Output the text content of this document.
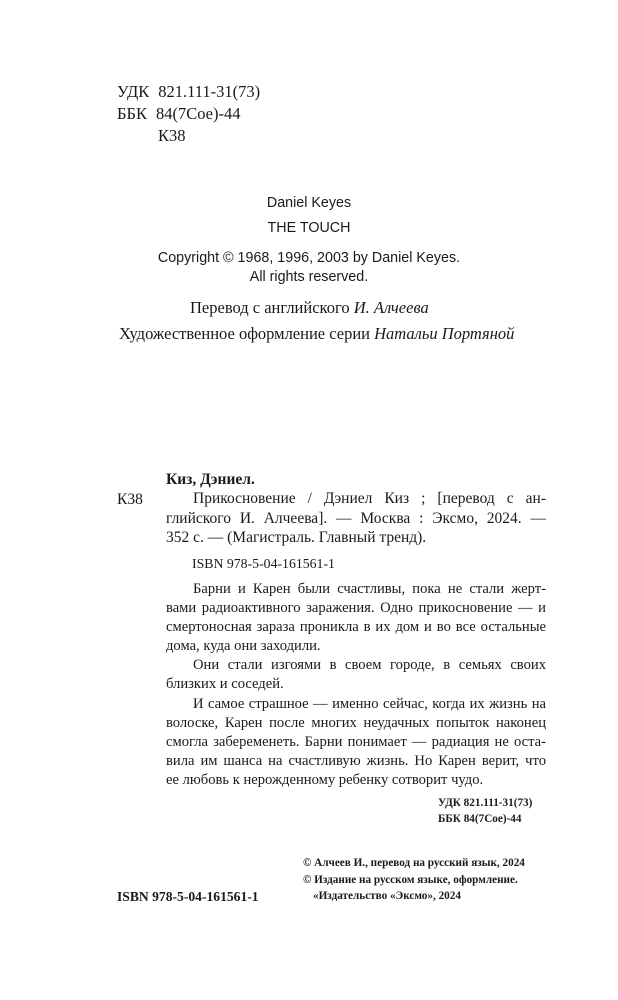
УДК 821.111-31(73)
ББК 84(7Сое)-44
К38
Daniel Keyes
THE TOUCH
Copyright © 1968, 1996, 2003 by Daniel Keyes.
All rights reserved.
Перевод с английского И. Алчеева
Художественное оформление серии Натальи Портяной
К38
Киз, Дэниел.
Прикосновение / Дэниел Киз ; [перевод с ан-
глийского И. Алчеева]. — Москва : Эксмо, 2024. —
352 с. — (Магистраль. Главный тренд).
ISBN 978-5-04-161561-1
Барни и Карен были счастливы, пока не стали жерт-
вами радиоактивного заражения. Одно прикосновение — и
смертоносная зараза проникла в их дом и во все остальные
дома, куда они заходили.
Они стали изгоями в своем городе, в семьях своих
близких и соседей.
И самое страшное — именно сейчас, когда их жизнь на
волоске, Карен после многих неудачных попыток наконец
смогла забеременеть. Барни понимает — радиация не оста-
вила им шанса на счастливую жизнь. Но Карен верит, что
ее любовь к нерожденному ребенку сотворит чудо.
УДК 821.111-31(73)
ББК 84(7Сое)-44
© Алчеев И., перевод на русский язык, 2024
© Издание на русском языке, оформление.
«Издательство «Эксмо», 2024
ISBN 978-5-04-161561-1
